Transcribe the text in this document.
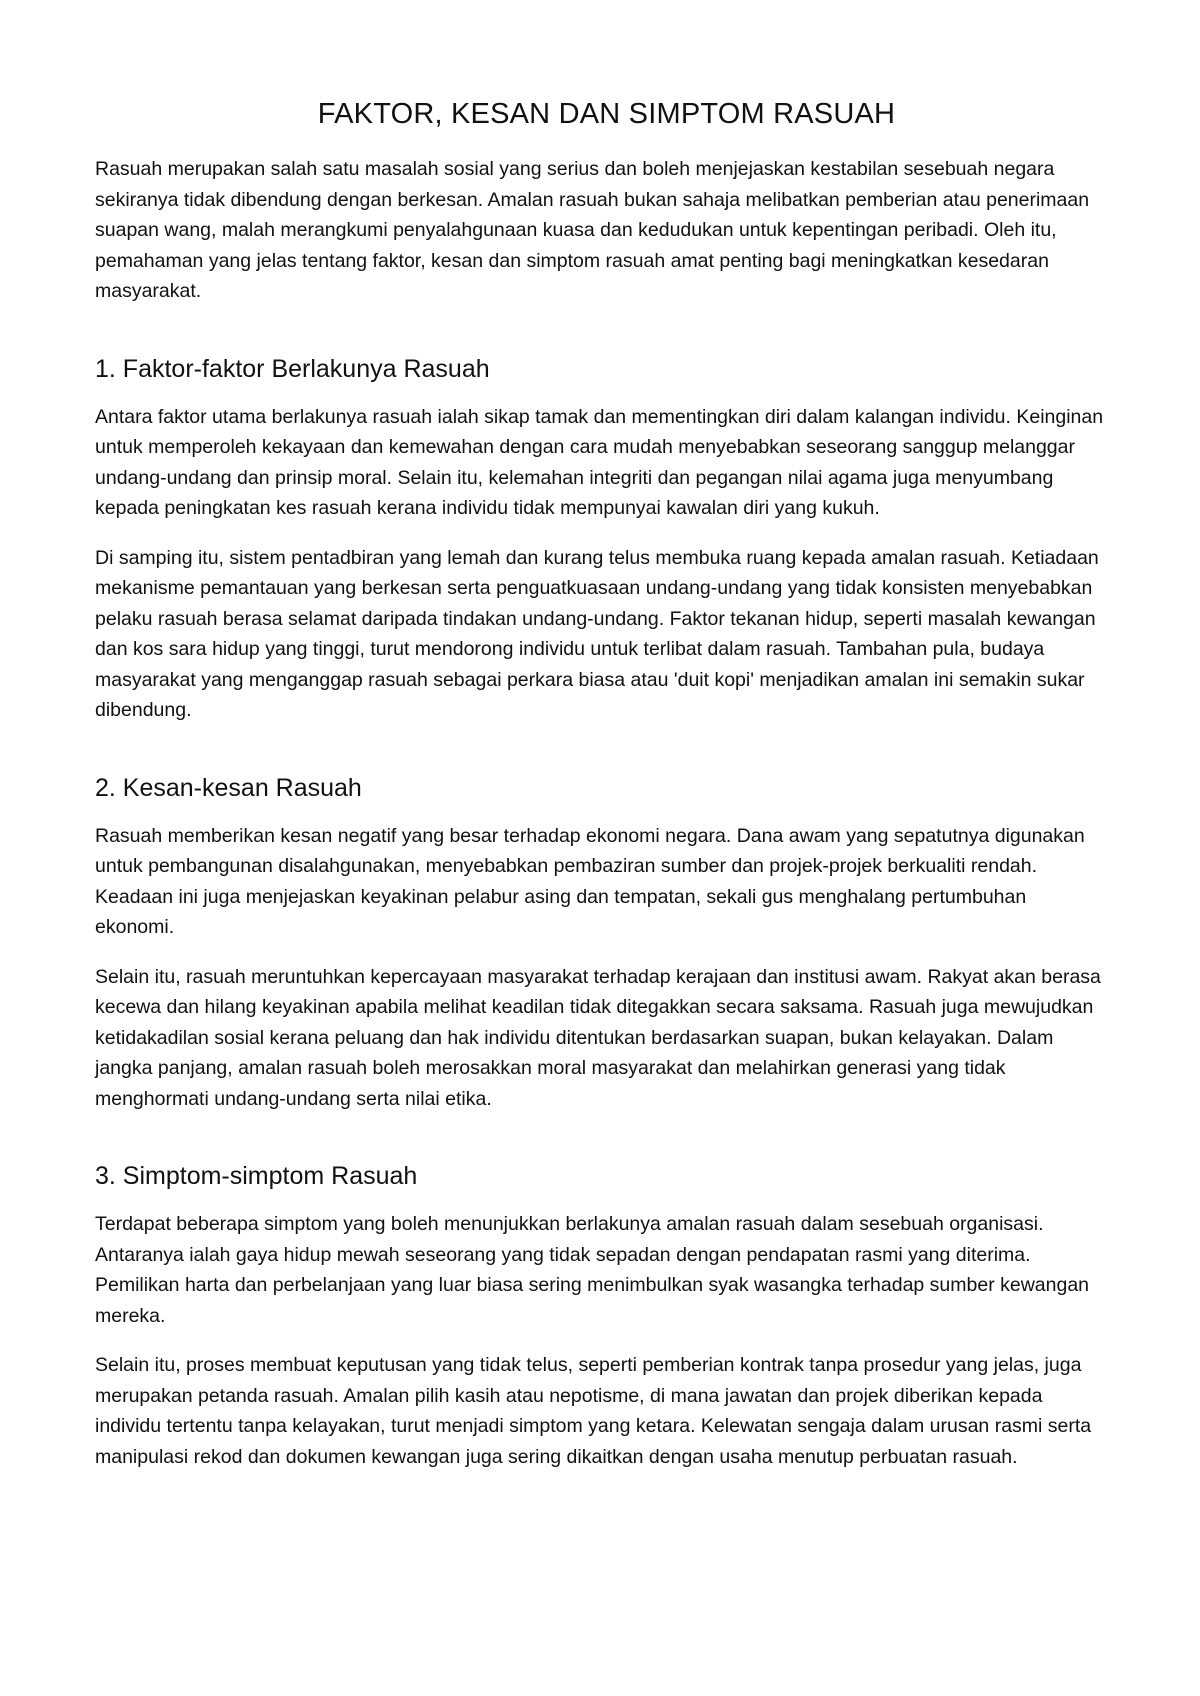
FAKTOR, KESAN DAN SIMPTOM RASUAH

Rasuah merupakan salah satu masalah sosial yang serius dan boleh menjejaskan kestabilan sesebuah negara sekiranya tidak dibendung dengan berkesan. Amalan rasuah bukan sahaja melibatkan pemberian atau penerimaan suapan wang, malah merangkumi penyalahgunaan kuasa dan kedudukan untuk kepentingan peribadi. Oleh itu, pemahaman yang jelas tentang faktor, kesan dan simptom rasuah amat penting bagi meningkatkan kesedaran masyarakat.

1. Faktor-faktor Berlakunya Rasuah

Antara faktor utama berlakunya rasuah ialah sikap tamak dan mementingkan diri dalam kalangan individu. Keinginan untuk memperoleh kekayaan dan kemewahan dengan cara mudah menyebabkan seseorang sanggup melanggar undang-undang dan prinsip moral. Selain itu, kelemahan integriti dan pegangan nilai agama juga menyumbang kepada peningkatan kes rasuah kerana individu tidak mempunyai kawalan diri yang kukuh.

Di samping itu, sistem pentadbiran yang lemah dan kurang telus membuka ruang kepada amalan rasuah. Ketiadaan mekanisme pemantauan yang berkesan serta penguatkuasaan undang-undang yang tidak konsisten menyebabkan pelaku rasuah berasa selamat daripada tindakan undang-undang. Faktor tekanan hidup, seperti masalah kewangan dan kos sara hidup yang tinggi, turut mendorong individu untuk terlibat dalam rasuah. Tambahan pula, budaya masyarakat yang menganggap rasuah sebagai perkara biasa atau 'duit kopi' menjadikan amalan ini semakin sukar dibendung.

2. Kesan-kesan Rasuah

Rasuah memberikan kesan negatif yang besar terhadap ekonomi negara. Dana awam yang sepatutnya digunakan untuk pembangunan disalahgunakan, menyebabkan pembaziran sumber dan projek-projek berkualiti rendah. Keadaan ini juga menjejaskan keyakinan pelabur asing dan tempatan, sekali gus menghalang pertumbuhan ekonomi.

Selain itu, rasuah meruntuhkan kepercayaan masyarakat terhadap kerajaan dan institusi awam. Rakyat akan berasa kecewa dan hilang keyakinan apabila melihat keadilan tidak ditegakkan secara saksama. Rasuah juga mewujudkan ketidakadilan sosial kerana peluang dan hak individu ditentukan berdasarkan suapan, bukan kelayakan. Dalam jangka panjang, amalan rasuah boleh merosakkan moral masyarakat dan melahirkan generasi yang tidak menghormati undang-undang serta nilai etika.

3. Simptom-simptom Rasuah

Terdapat beberapa simptom yang boleh menunjukkan berlakunya amalan rasuah dalam sesebuah organisasi. Antaranya ialah gaya hidup mewah seseorang yang tidak sepadan dengan pendapatan rasmi yang diterima. Pemilikan harta dan perbelanjaan yang luar biasa sering menimbulkan syak wasangka terhadap sumber kewangan mereka.

Selain itu, proses membuat keputusan yang tidak telus, seperti pemberian kontrak tanpa prosedur yang jelas, juga merupakan petanda rasuah. Amalan pilih kasih atau nepotisme, di mana jawatan dan projek diberikan kepada individu tertentu tanpa kelayakan, turut menjadi simptom yang ketara. Kelewatan sengaja dalam urusan rasmi serta manipulasi rekod dan dokumen kewangan juga sering dikaitkan dengan usaha menutup perbuatan rasuah.
